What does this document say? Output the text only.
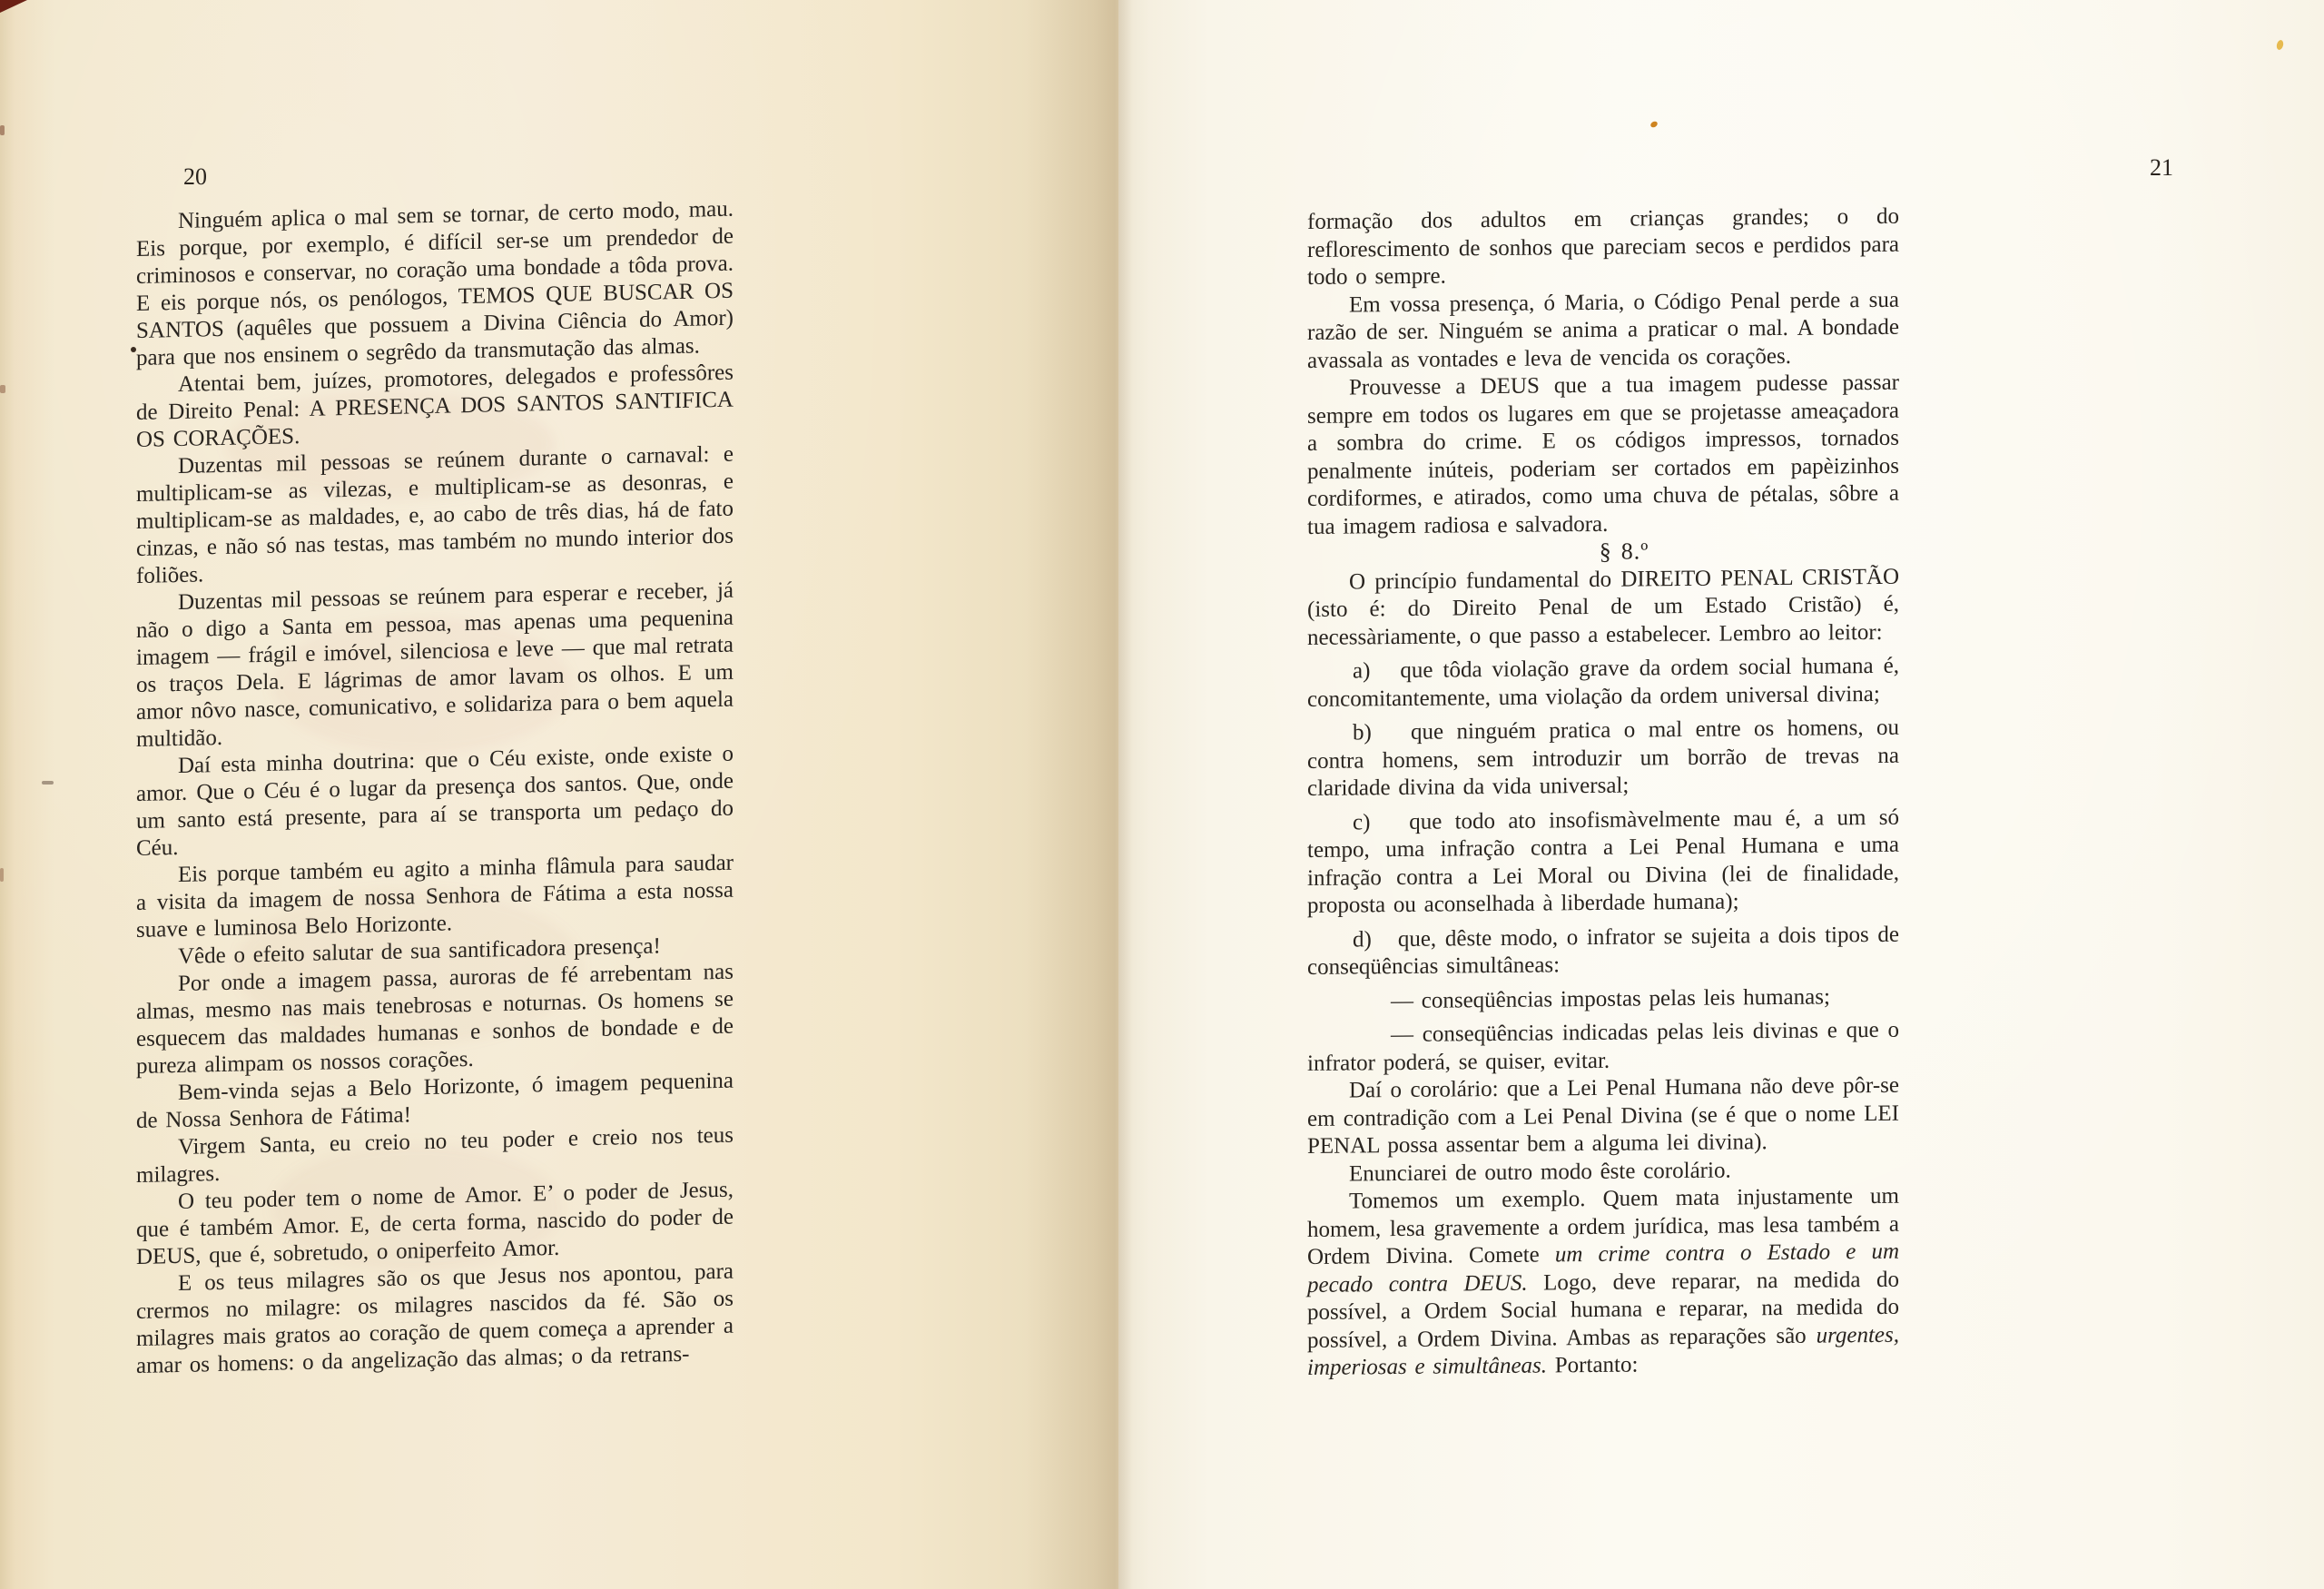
20

Ninguém aplica o mal sem se tornar, de certo modo, mau. Eis porque, por exemplo, é difícil ser-se um prendedor de criminosos e conservar, no coração uma bondade a tôda prova. E eis porque nós, os penólogos, TEMOS QUE BUSCAR OS SANTOS (aquêles que possuem a Divina Ciência do Amor) para que nos ensinem o segrêdo da transmutação das almas.

Atentai bem, juízes, promotores, delegados e professôres de Direito Penal: A PRESENÇA DOS SANTOS SANTIFICA OS CORAÇÕES.

Duzentas mil pessoas se reúnem durante o carnaval: e multiplicam-se as vilezas, e multiplicam-se as desonras, e multiplicam-se as maldades, e, ao cabo de três dias, há de fato cinzas, e não só nas testas, mas também no mundo interior dos foliões.

Duzentas mil pessoas se reúnem para esperar e receber, já não o digo a Santa em pessoa, mas apenas uma pequenina imagem — frágil e imóvel, silenciosa e leve — que mal retrata os traços Dela. E lágrimas de amor lavam os olhos. E um amor nôvo nasce, comunicativo, e solidariza para o bem aquela multidão.

Daí esta minha doutrina: que o Céu existe, onde existe o amor. Que o Céu é o lugar da presença dos santos. Que, onde um santo está presente, para aí se transporta um pedaço do Céu.

Eis porque também eu agito a minha flâmula para saudar a visita da imagem de nossa Senhora de Fátima a esta nossa suave e luminosa Belo Horizonte.

Vêde o efeito salutar de sua santificadora presença!

Por onde a imagem passa, auroras de fé arrebentam nas almas, mesmo nas mais tenebrosas e noturnas. Os homens se esquecem das maldades humanas e sonhos de bondade e de pureza alimpam os nossos corações.

Bem-vinda sejas a Belo Horizonte, ó imagem pequenina de Nossa Senhora de Fátima!

Virgem Santa, eu creio no teu poder e creio nos teus milagres.

O teu poder tem o nome de Amor. E’ o poder de Jesus, que é também Amor. E, de certa forma, nascido do poder de DEUS, que é, sobretudo, o oniperfeito Amor.

E os teus milagres são os que Jesus nos apontou, para crermos no milagre: os milagres nascidos da fé. São os milagres mais gratos ao coração de quem começa a aprender a amar os homens: o da angelização das almas; o da retrans-

21

formação dos adultos em crianças grandes; o do reflorescimento de sonhos que pareciam secos e perdidos para todo o sempre.

Em vossa presença, ó Maria, o Código Penal perde a sua razão de ser. Ninguém se anima a praticar o mal. A bondade avassala as vontades e leva de vencida os corações.

Prouvesse a DEUS que a tua imagem pudesse passar sempre em todos os lugares em que se projetasse ameaçadora a sombra do crime. E os códigos impressos, tornados penalmente inúteis, poderiam ser cortados em papèizinhos cordiformes, e atirados, como uma chuva de pétalas, sôbre a tua imagem radiosa e salvadora.

§ 8.º

O princípio fundamental do DIREITO PENAL CRISTÃO (isto é: do Direito Penal de um Estado Cristão) é, necessàriamente, o que passo a estabelecer. Lembro ao leitor:

a)   que tôda violação grave da ordem social humana é, concomitantemente, uma violação da ordem universal divina;

b)   que ninguém pratica o mal entre os homens, ou contra homens, sem introduzir um borrão de trevas na claridade divina da vida universal;

c)   que todo ato insofismàvelmente mau é, a um só tempo, uma infração contra a Lei Penal Humana e uma infração contra a Lei Moral ou Divina (lei de finalidade, proposta ou aconselhada à liberdade humana);

d)   que, dêste modo, o infrator se sujeita a dois tipos de conseqüências simultâneas:

— conseqüências impostas pelas leis humanas;

— conseqüências indicadas pelas leis divinas e que o infrator poderá, se quiser, evitar.

Daí o corolário: que a Lei Penal Humana não deve pôr-se em contradição com a Lei Penal Divina (se é que o nome LEI PENAL possa assentar bem a alguma lei divina).

Enunciarei de outro modo êste corolário.

Tomemos um exemplo. Quem mata injustamente um homem, lesa gravemente a ordem jurídica, mas lesa também a Ordem Divina. Comete um crime contra o Estado e um pecado contra DEUS. Logo, deve reparar, na medida do possível, a Ordem Social humana e reparar, na medida do possível, a Ordem Divina. Ambas as reparações são urgentes, imperiosas e simultâneas. Portanto:
